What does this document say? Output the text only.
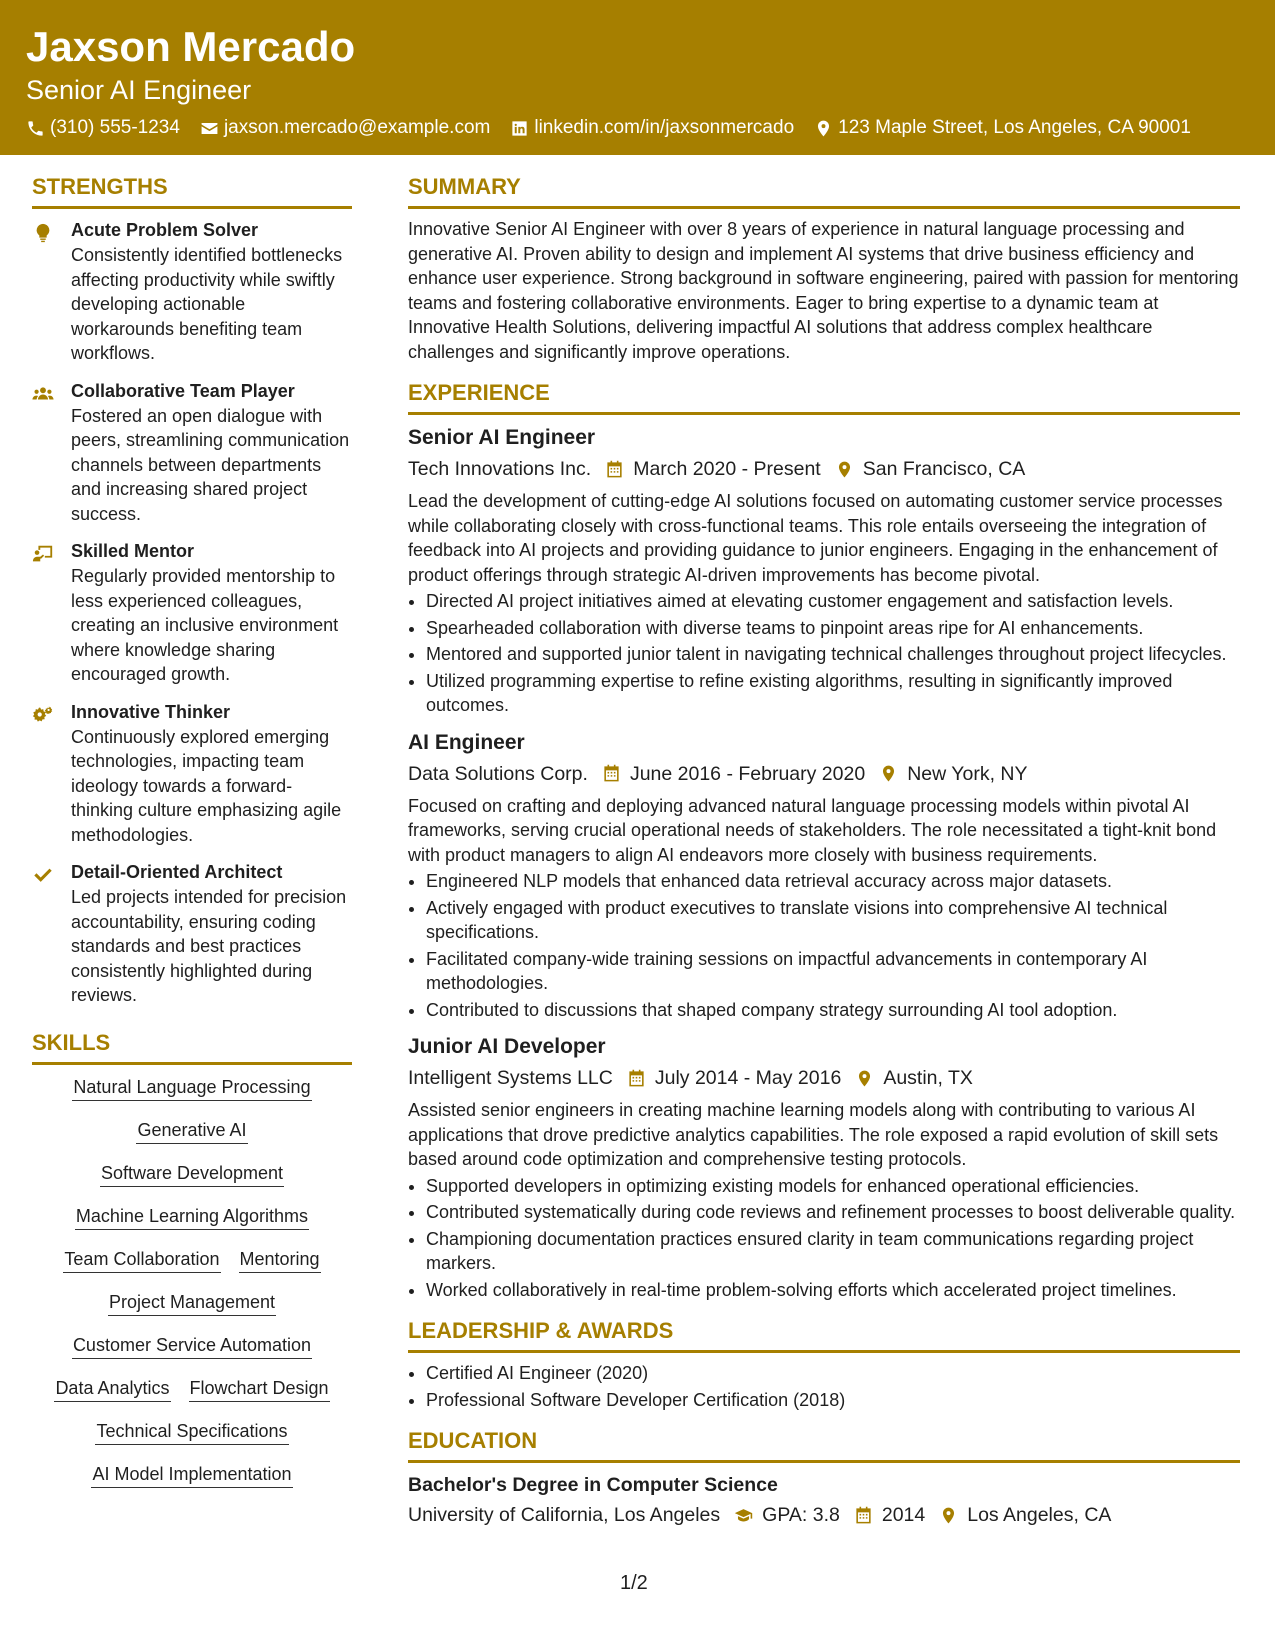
Jaxson Mercado
Senior AI Engineer
(310) 555-1234 jaxson.mercado@example.com linkedin.com/in/jaxsonmercado 123 Maple Street, Los Angeles, CA 90001
STRENGTHS
Acute Problem Solver
Consistently identified bottlenecks affecting productivity while swiftly developing actionable workarounds benefiting team workflows.
Collaborative Team Player
Fostered an open dialogue with peers, streamlining communication channels between departments and increasing shared project success.
Skilled Mentor
Regularly provided mentorship to less experienced colleagues, creating an inclusive environment where knowledge sharing encouraged growth.
Innovative Thinker
Continuously explored emerging technologies, impacting team ideology towards a forward-thinking culture emphasizing agile methodologies.
Detail-Oriented Architect
Led projects intended for precision accountability, ensuring coding standards and best practices consistently highlighted during reviews.
SKILLS
Natural Language Processing
Generative AI
Software Development
Machine Learning Algorithms
Team Collaboration Mentoring
Project Management
Customer Service Automation
Data Analytics Flowchart Design
Technical Specifications
AI Model Implementation
SUMMARY
Innovative Senior AI Engineer with over 8 years of experience in natural language processing and generative AI. Proven ability to design and implement AI systems that drive business efficiency and enhance user experience. Strong background in software engineering, paired with passion for mentoring teams and fostering collaborative environments. Eager to bring expertise to a dynamic team at Innovative Health Solutions, delivering impactful AI solutions that address complex healthcare challenges and significantly improve operations.
EXPERIENCE
Senior AI Engineer
Tech Innovations Inc. March 2020 - Present San Francisco, CA
Lead the development of cutting-edge AI solutions focused on automating customer service processes while collaborating closely with cross-functional teams. This role entails overseeing the integration of feedback into AI projects and providing guidance to junior engineers. Engaging in the enhancement of product offerings through strategic AI-driven improvements has become pivotal.
• Directed AI project initiatives aimed at elevating customer engagement and satisfaction levels.
• Spearheaded collaboration with diverse teams to pinpoint areas ripe for AI enhancements.
• Mentored and supported junior talent in navigating technical challenges throughout project lifecycles.
• Utilized programming expertise to refine existing algorithms, resulting in significantly improved outcomes.
AI Engineer
Data Solutions Corp. June 2016 - February 2020 New York, NY
Focused on crafting and deploying advanced natural language processing models within pivotal AI frameworks, serving crucial operational needs of stakeholders. The role necessitated a tight-knit bond with product managers to align AI endeavors more closely with business requirements.
• Engineered NLP models that enhanced data retrieval accuracy across major datasets.
• Actively engaged with product executives to translate visions into comprehensive AI technical specifications.
• Facilitated company-wide training sessions on impactful advancements in contemporary AI methodologies.
• Contributed to discussions that shaped company strategy surrounding AI tool adoption.
Junior AI Developer
Intelligent Systems LLC July 2014 - May 2016 Austin, TX
Assisted senior engineers in creating machine learning models along with contributing to various AI applications that drove predictive analytics capabilities. The role exposed a rapid evolution of skill sets based around code optimization and comprehensive testing protocols.
• Supported developers in optimizing existing models for enhanced operational efficiencies.
• Contributed systematically during code reviews and refinement processes to boost deliverable quality.
• Championing documentation practices ensured clarity in team communications regarding project markers.
• Worked collaboratively in real-time problem-solving efforts which accelerated project timelines.
LEADERSHIP & AWARDS
• Certified AI Engineer (2020)
• Professional Software Developer Certification (2018)
EDUCATION
Bachelor's Degree in Computer Science
University of California, Los Angeles GPA: 3.8 2014 Los Angeles, CA
1/2
